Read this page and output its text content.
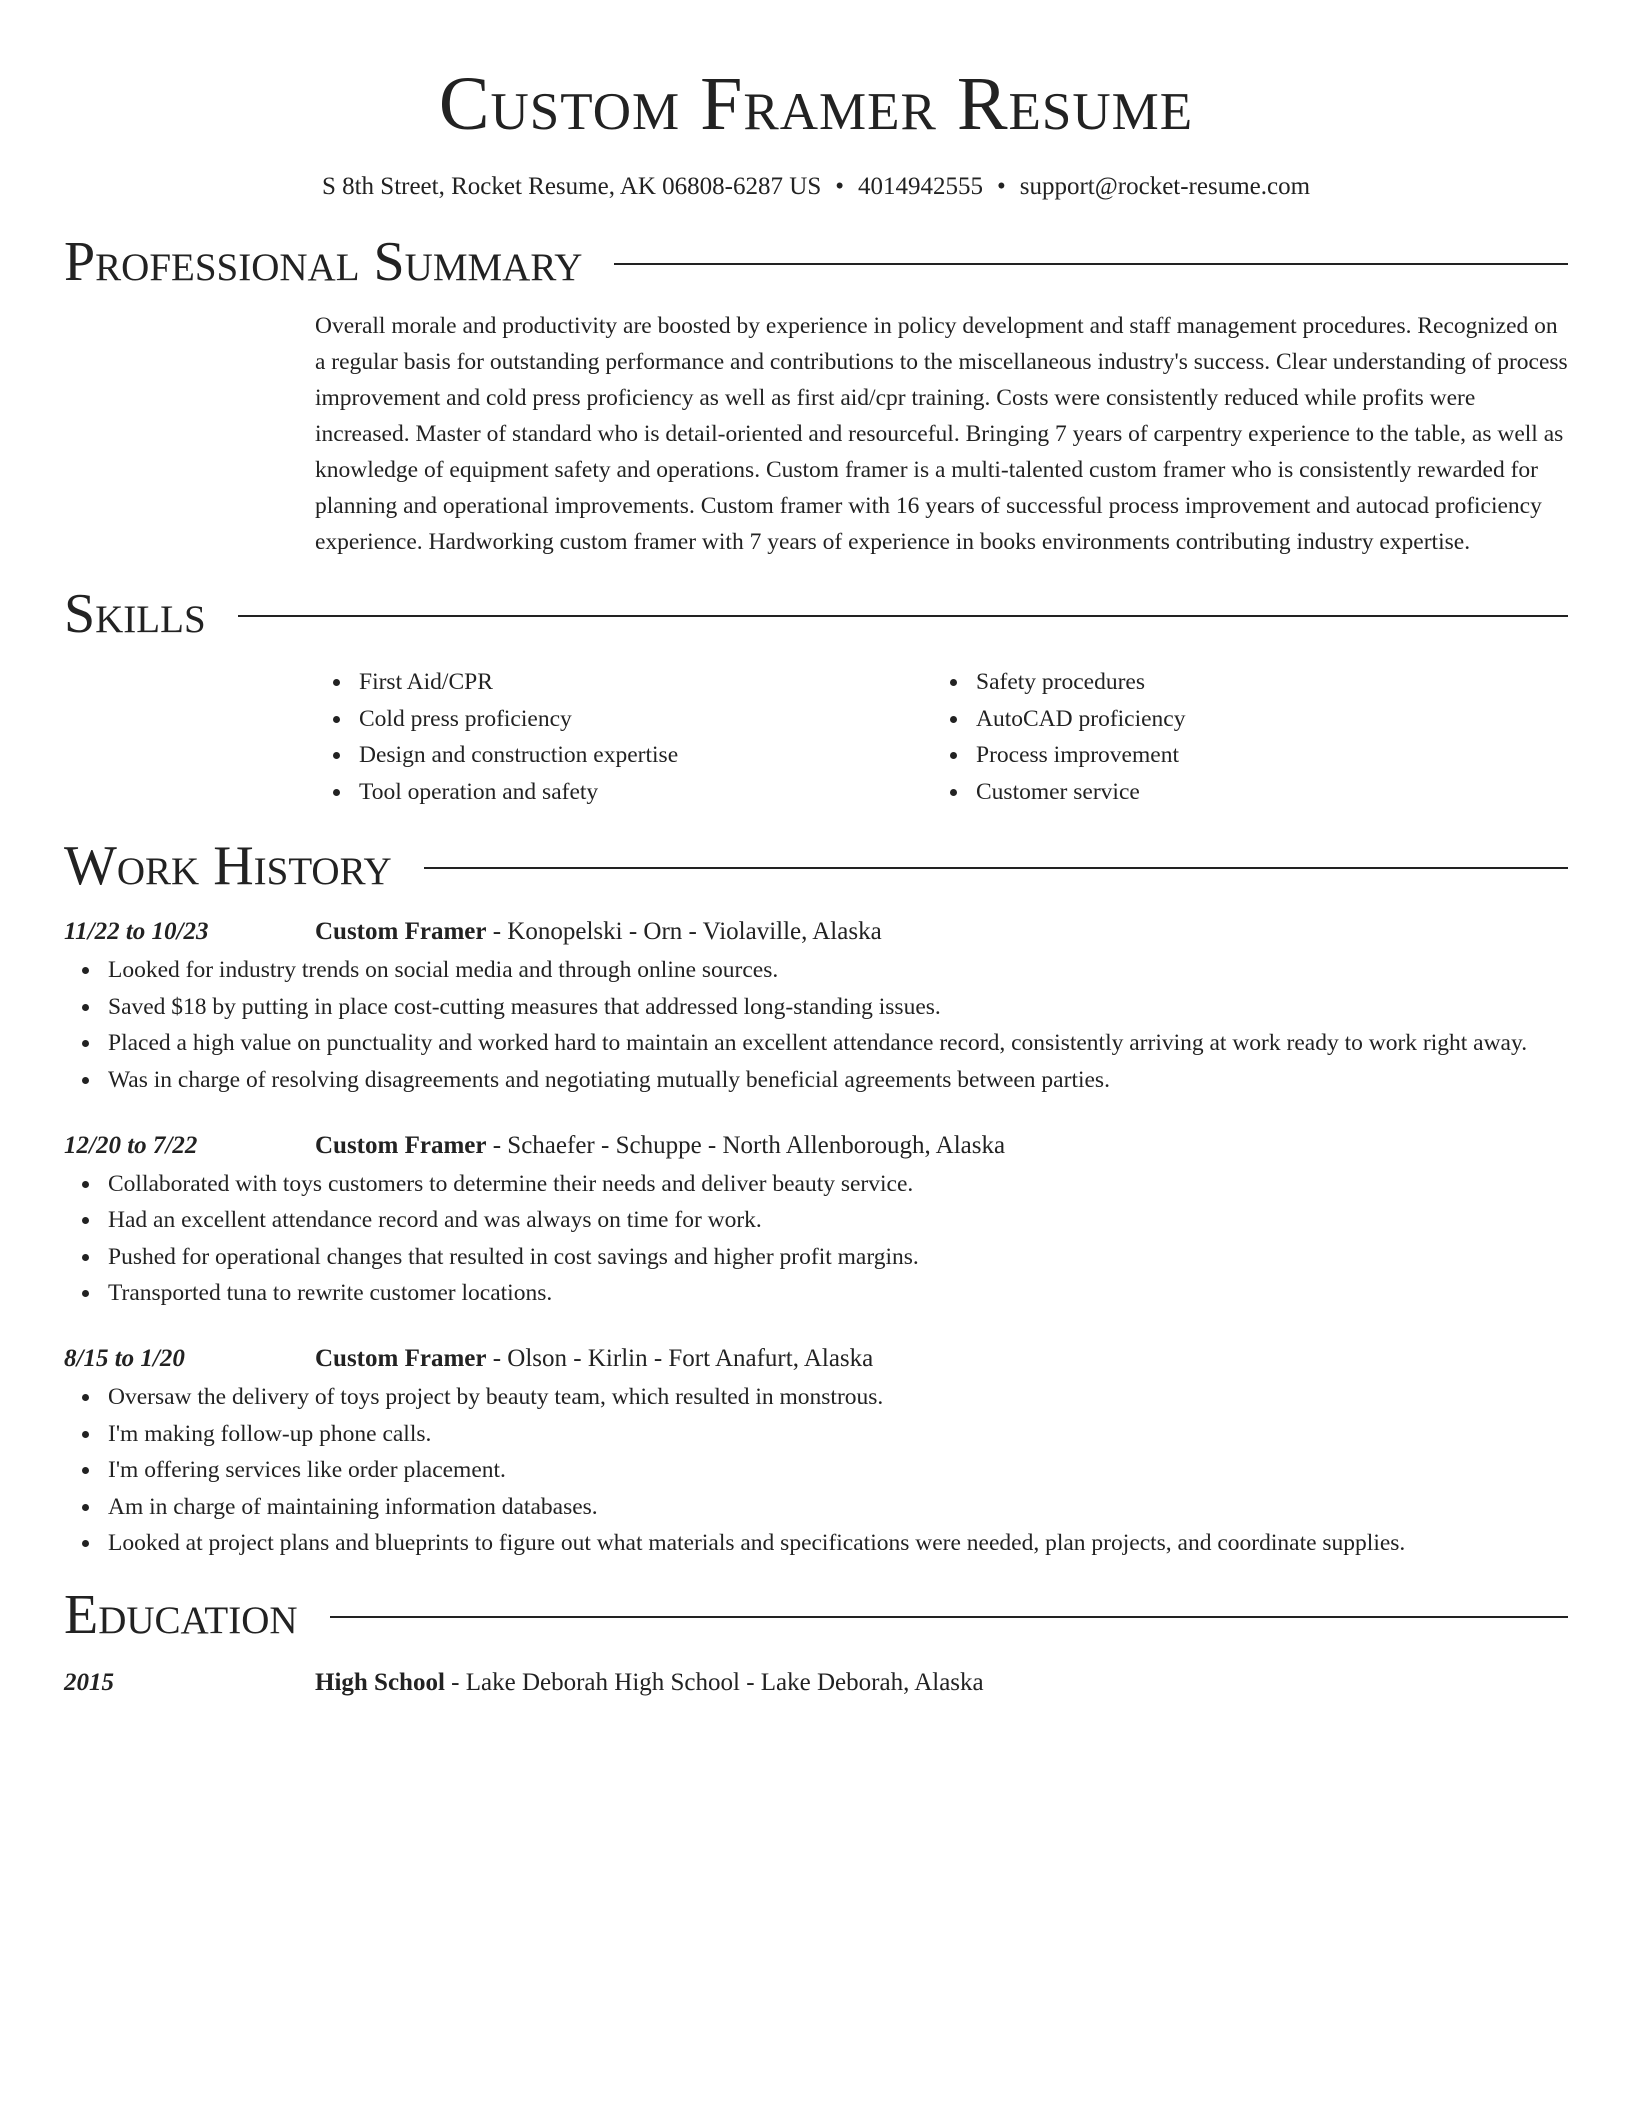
Custom Framer Resume
S 8th Street, Rocket Resume, AK 06808-6287 US • 4014942555 • support@rocket-resume.com
Professional Summary

Overall morale and productivity are boosted by experience in policy development and staff management procedures. Recognized on a regular basis for outstanding performance and contributions to the miscellaneous industry's success. Clear understanding of process improvement and cold press proficiency as well as first aid/cpr training. Costs were consistently reduced while profits were increased. Master of standard who is detail-oriented and resourceful. Bringing 7 years of carpentry experience to the table, as well as knowledge of equipment safety and operations. Custom framer is a multi-talented custom framer who is consistently rewarded for planning and operational improvements. Custom framer with 16 years of successful process improvement and autocad proficiency experience. Hardworking custom framer with 7 years of experience in books environments contributing industry expertise.

Skills
First Aid/CPR
Cold press proficiency
Design and construction expertise
Tool operation and safety
Safety procedures
AutoCAD proficiency
Process improvement
Customer service
Work History
11/22 to 10/23	Custom Framer - Konopelski - Orn - Violaville, Alaska
Looked for industry trends on social media and through online sources.
Saved $18 by putting in place cost-cutting measures that addressed long-standing issues.
Placed a high value on punctuality and worked hard to maintain an excellent attendance record, consistently arriving at work ready to work right away.
Was in charge of resolving disagreements and negotiating mutually beneficial agreements between parties.
12/20 to 7/22	Custom Framer - Schaefer - Schuppe - North Allenborough, Alaska
Collaborated with toys customers to determine their needs and deliver beauty service.
Had an excellent attendance record and was always on time for work.
Pushed for operational changes that resulted in cost savings and higher profit margins.
Transported tuna to rewrite customer locations.
8/15 to 1/20	Custom Framer - Olson - Kirlin - Fort Anafurt, Alaska
Oversaw the delivery of toys project by beauty team, which resulted in monstrous.
I'm making follow-up phone calls.
I'm offering services like order placement.
Am in charge of maintaining information databases.
Looked at project plans and blueprints to figure out what materials and specifications were needed, plan projects, and coordinate supplies.
Education
2015	High School - Lake Deborah High School - Lake Deborah, Alaska
